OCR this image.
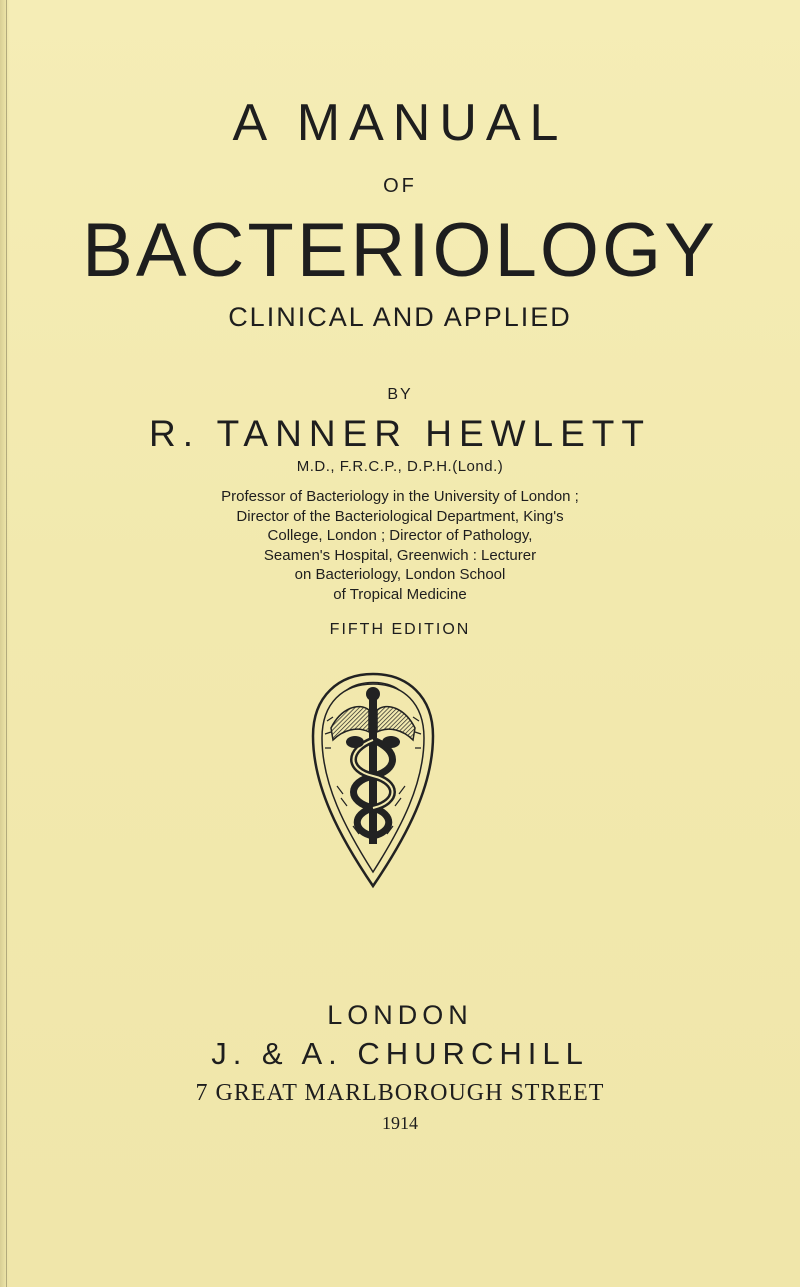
A MANUAL
OF
BACTERIOLOGY
CLINICAL AND APPLIED
BY
R. TANNER HEWLETT
M.D., F.R.C.P., D.P.H.(Lond.)
Professor of Bacteriology in the University of London ;
Director of the Bacteriological Department, King's
College, London ; Director of Pathology,
Seamen's Hospital, Greenwich : Lecturer
on Bacteriology, London School
of Tropical Medicine
FIFTH EDITION
LONDON
J. & A. CHURCHILL
7 GREAT MARLBOROUGH STREET
1914
